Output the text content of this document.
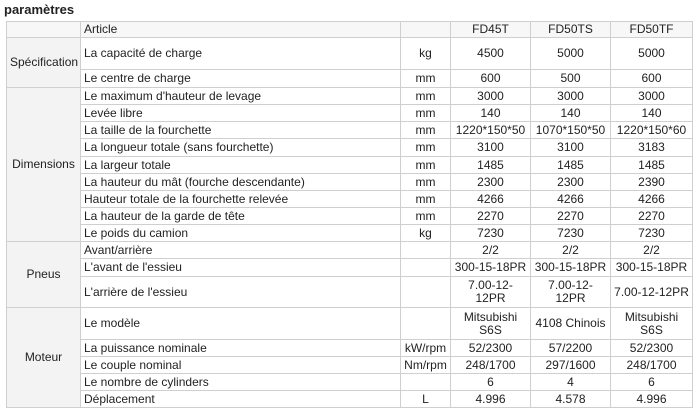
paramètres
	Article		FD45T	FD50TS	FD50TF
Spécification	La capacité de charge	kg	4500	5000	5000
	Le centre de charge	mm	600	500	600
Dimensions	Le maximum d'hauteur de levage	mm	3000	3000	3000
	Levée libre	mm	140	140	140
	La taille de la fourchette	mm	1220*150*50	1070*150*50	1220*150*60
	La longueur totale (sans fourchette)	mm	3100	3100	3183
	La largeur totale	mm	1485	1485	1485
	La hauteur du mât (fourche descendante)	mm	2300	2300	2390
	Hauteur totale de la fourchette relevée	mm	4266	4266	4266
	La hauteur de la garde de tête	mm	2270	2270	2270
	Le poids du camion	kg	7230	7230	7230
Pneus	Avant/arrière		2/2	2/2	2/2
	L'avant de l'essieu		300-15-18PR	300-15-18PR	300-15-18PR
	L'arrière de l'essieu		7.00-12-12PR	7.00-12-12PR	7.00-12-12PR
Moteur	Le modèle		Mitsubishi S6S	4108 Chinois	Mitsubishi S6S
	La puissance nominale	kW/rpm	52/2300	57/2200	52/2300
	Le couple nominal	Nm/rpm	248/1700	297/1600	248/1700
	Le nombre de cylinders		6	4	6
	Déplacement	L	4.996	4.578	4.996
